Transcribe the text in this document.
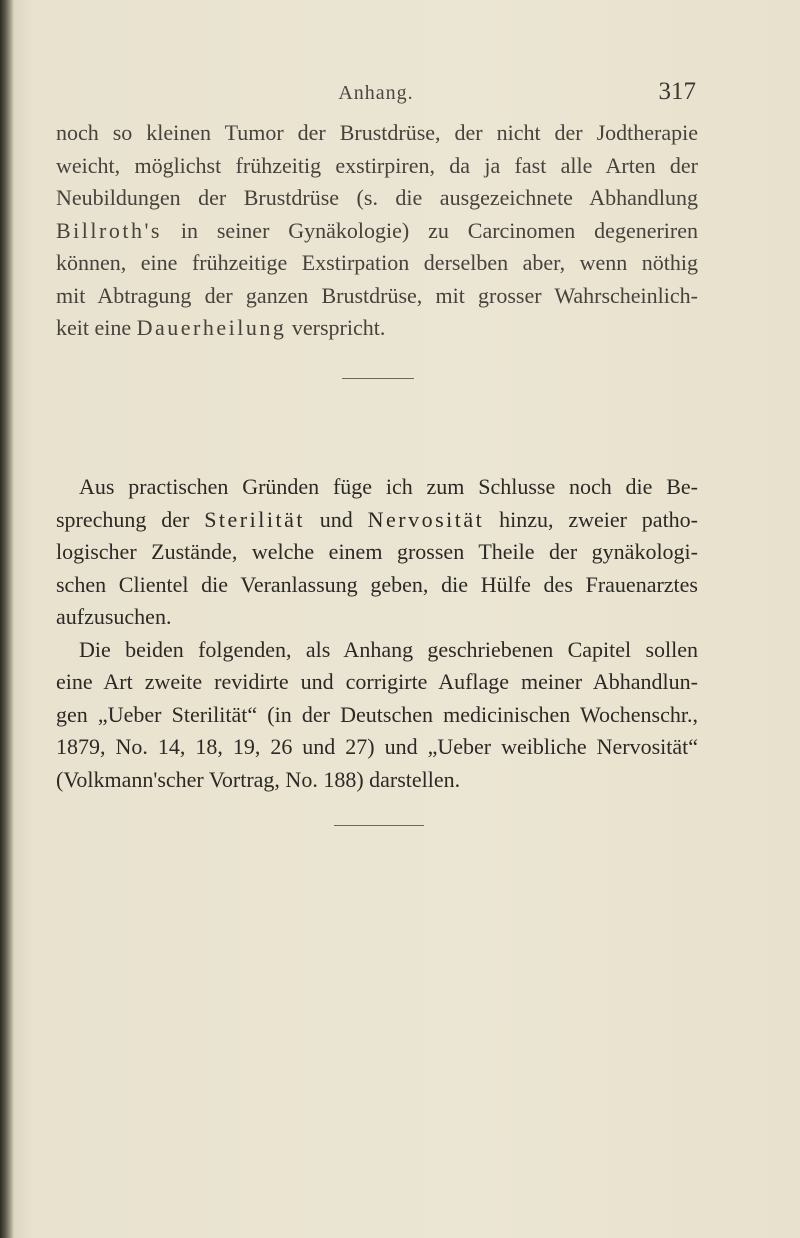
Anhang.	317
noch so kleinen Tumor der Brustdrüse, der nicht der Jodtherapie
weicht, möglichst frühzeitig exstirpiren, da ja fast alle Arten der
Neubildungen der Brustdrüse (s. die ausgezeichnete Abhandlung
Billroth's in seiner Gynäkologie) zu Carcinomen degeneriren
können, eine frühzeitige Exstirpation derselben aber, wenn nöthig
mit Abtragung der ganzen Brustdrüse, mit grosser Wahrscheinlich-
keit eine Dauerheilung verspricht.
Aus practischen Gründen füge ich zum Schlusse noch die Be-
sprechung der Sterilität und Nervosität hinzu, zweier patho-
logischer Zustände, welche einem grossen Theile der gynäkologi-
schen Clientel die Veranlassung geben, die Hülfe des Frauenarztes
aufzusuchen.
Die beiden folgenden, als Anhang geschriebenen Capitel sollen
eine Art zweite revidirte und corrigirte Auflage meiner Abhandlun-
gen „Ueber Sterilität“ (in der Deutschen medicinischen Wochenschr.,
1879, No. 14, 18, 19, 26 und 27) und „Ueber weibliche Nervosität“
(Volkmann'scher Vortrag, No. 188) darstellen.
